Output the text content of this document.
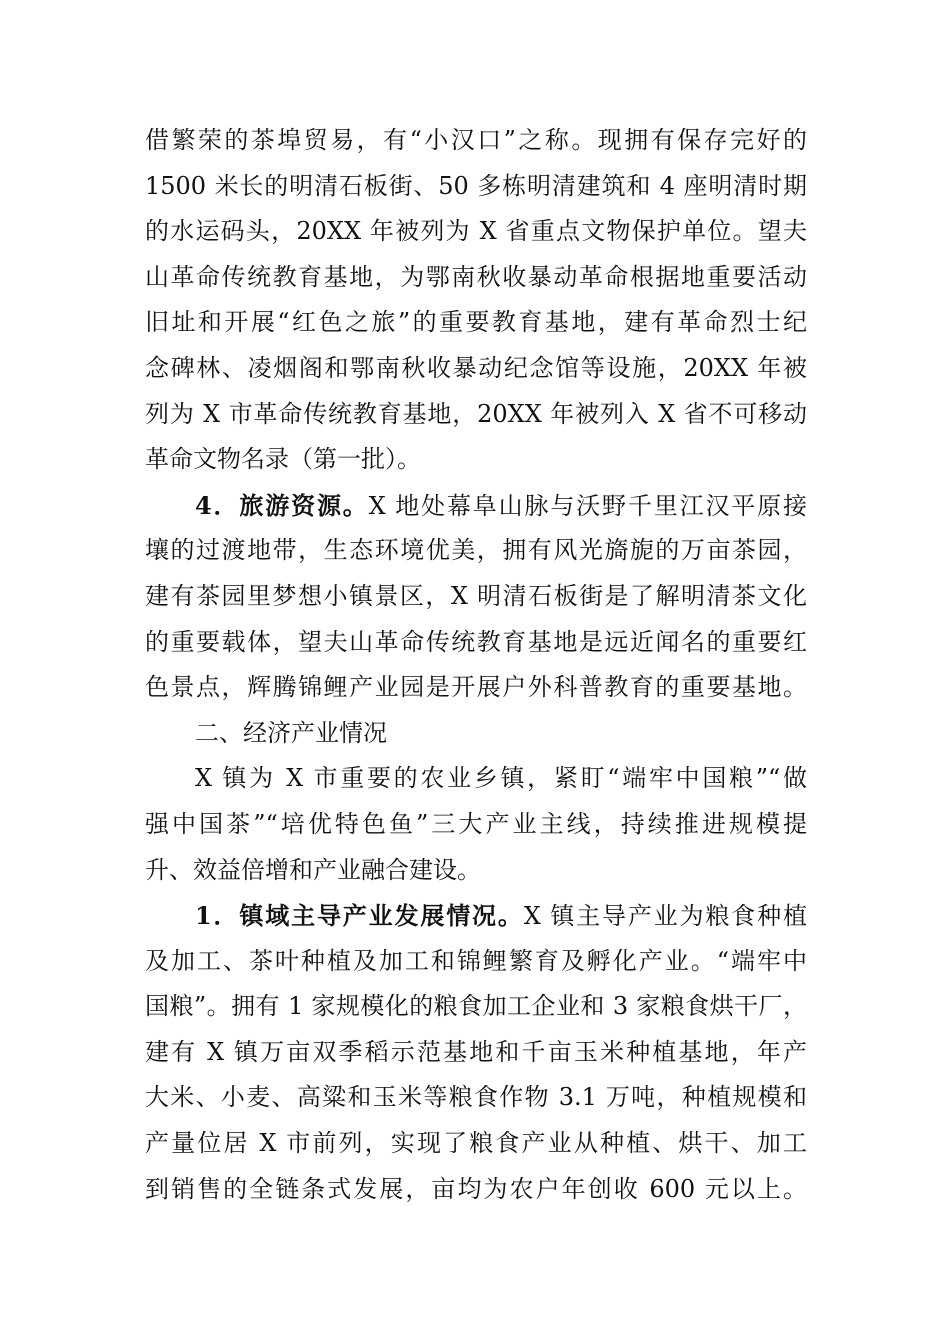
借繁荣的茶埠贸易，有“小汉口”之称。现拥有保存完好的
1500 米长的明清石板街、50 多栋明清建筑和 4 座明清时期
的水运码头，20XX 年被列为 X 省重点文物保护单位。望夫
山革命传统教育基地，为鄂南秋收暴动革命根据地重要活动
旧址和开展“红色之旅”的重要教育基地，建有革命烈士纪
念碑林、凌烟阁和鄂南秋收暴动纪念馆等设施，20XX 年被
列为 X 市革命传统教育基地，20XX 年被列入 X 省不可移动
革命文物名录（第一批）。
4．旅游资源。X 地处幕阜山脉与沃野千里江汉平原接
壤的过渡地带，生态环境优美，拥有风光旖旎的万亩茶园，
建有茶园里梦想小镇景区，X 明清石板街是了解明清茶文化
的重要载体，望夫山革命传统教育基地是远近闻名的重要红
色景点，辉腾锦鲤产业园是开展户外科普教育的重要基地。
二、经济产业情况
X 镇为 X 市重要的农业乡镇，紧盯“端牢中国粮”“做
强中国茶”“培优特色鱼”三大产业主线，持续推进规模提
升、效益倍增和产业融合建设。
1．镇域主导产业发展情况。X 镇主导产业为粮食种植
及加工、茶叶种植及加工和锦鲤繁育及孵化产业。“端牢中
国粮”。拥有 1 家规模化的粮食加工企业和 3 家粮食烘干厂，
建有 X 镇万亩双季稻示范基地和千亩玉米种植基地，年产
大米、小麦、高粱和玉米等粮食作物 3.1 万吨，种植规模和
产量位居 X 市前列，实现了粮食产业从种植、烘干、加工
到销售的全链条式发展，亩均为农户年创收 600 元以上。
